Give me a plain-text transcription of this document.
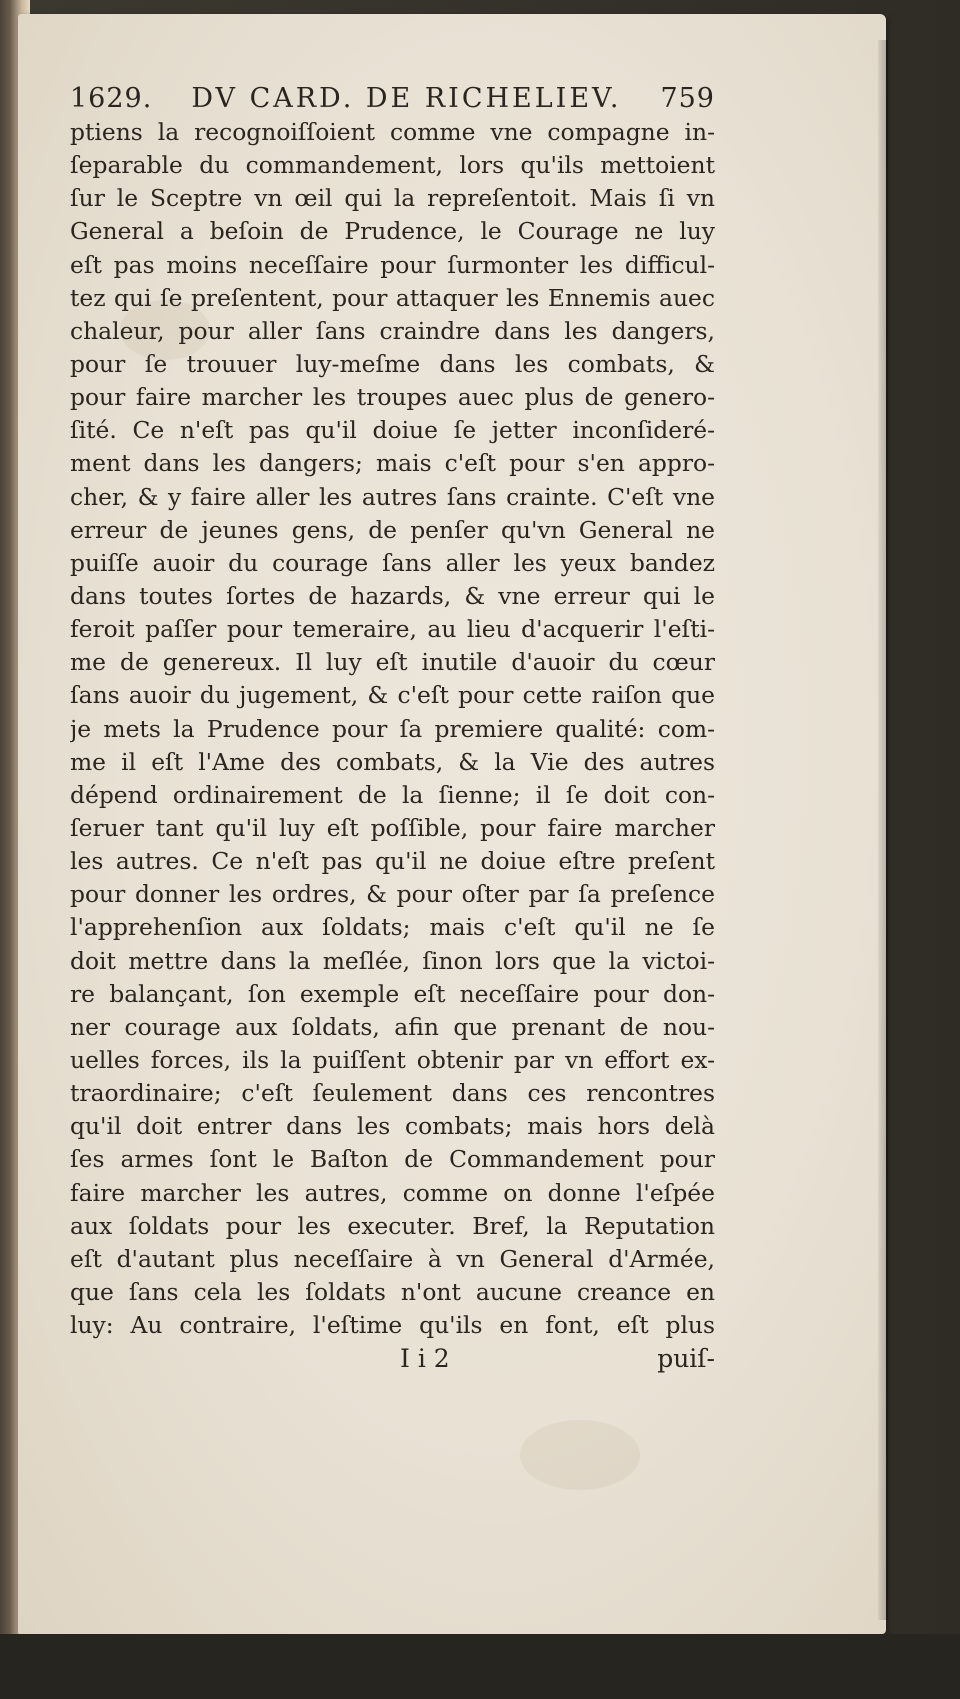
1629. DV CARD. DE RICHELIEV. 759
ptiens la recognoiſſoient comme vne compagne in-
ſeparable du commandement, lors qu'ils mettoient
ſur le Sceptre vn œil qui la repreſentoit. Mais ſi vn
General a beſoin de Prudence, le Courage ne luy
eſt pas moins neceſſaire pour ſurmonter les difficul-
tez qui ſe preſentent, pour attaquer les Ennemis auec
chaleur, pour aller ſans craindre dans les dangers,
pour ſe trouuer luy-meſme dans les combats, &
pour faire marcher les troupes auec plus de genero-
ſité. Ce n'eſt pas qu'il doiue ſe jetter inconſideré-
ment dans les dangers; mais c'eſt pour s'en appro-
cher, & y faire aller les autres ſans crainte. C'eſt vne
erreur de jeunes gens, de penſer qu'vn General ne
puiſſe auoir du courage ſans aller les yeux bandez
dans toutes ſortes de hazards, & vne erreur qui le
feroit paſſer pour temeraire, au lieu d'acquerir l'eſti-
me de genereux. Il luy eſt inutile d'auoir du cœur
ſans auoir du jugement, & c'eſt pour cette raiſon que
je mets la Prudence pour ſa premiere qualité: com-
me il eſt l'Ame des combats, & la Vie des autres
dépend ordinairement de la ſienne; il ſe doit con-
ſeruer tant qu'il luy eſt poſſible, pour faire marcher
les autres. Ce n'eſt pas qu'il ne doiue eſtre preſent
pour donner les ordres, & pour oſter par ſa preſence
l'apprehenſion aux ſoldats; mais c'eſt qu'il ne ſe
doit mettre dans la meſlée, ſinon lors que la victoi-
re balançant, ſon exemple eſt neceſſaire pour don-
ner courage aux ſoldats, afin que prenant de nou-
uelles forces, ils la puiſſent obtenir par vn effort ex-
traordinaire; c'eſt ſeulement dans ces rencontres
qu'il doit entrer dans les combats; mais hors delà
ſes armes ſont le Baſton de Commandement pour
faire marcher les autres, comme on donne l'eſpée
aux ſoldats pour les executer. Bref, la Reputation
eſt d'autant plus neceſſaire à vn General d'Armée,
que ſans cela les ſoldats n'ont aucune creance en
luy: Au contraire, l'eſtime qu'ils en font, eſt plus
I i 2	puiſ-
